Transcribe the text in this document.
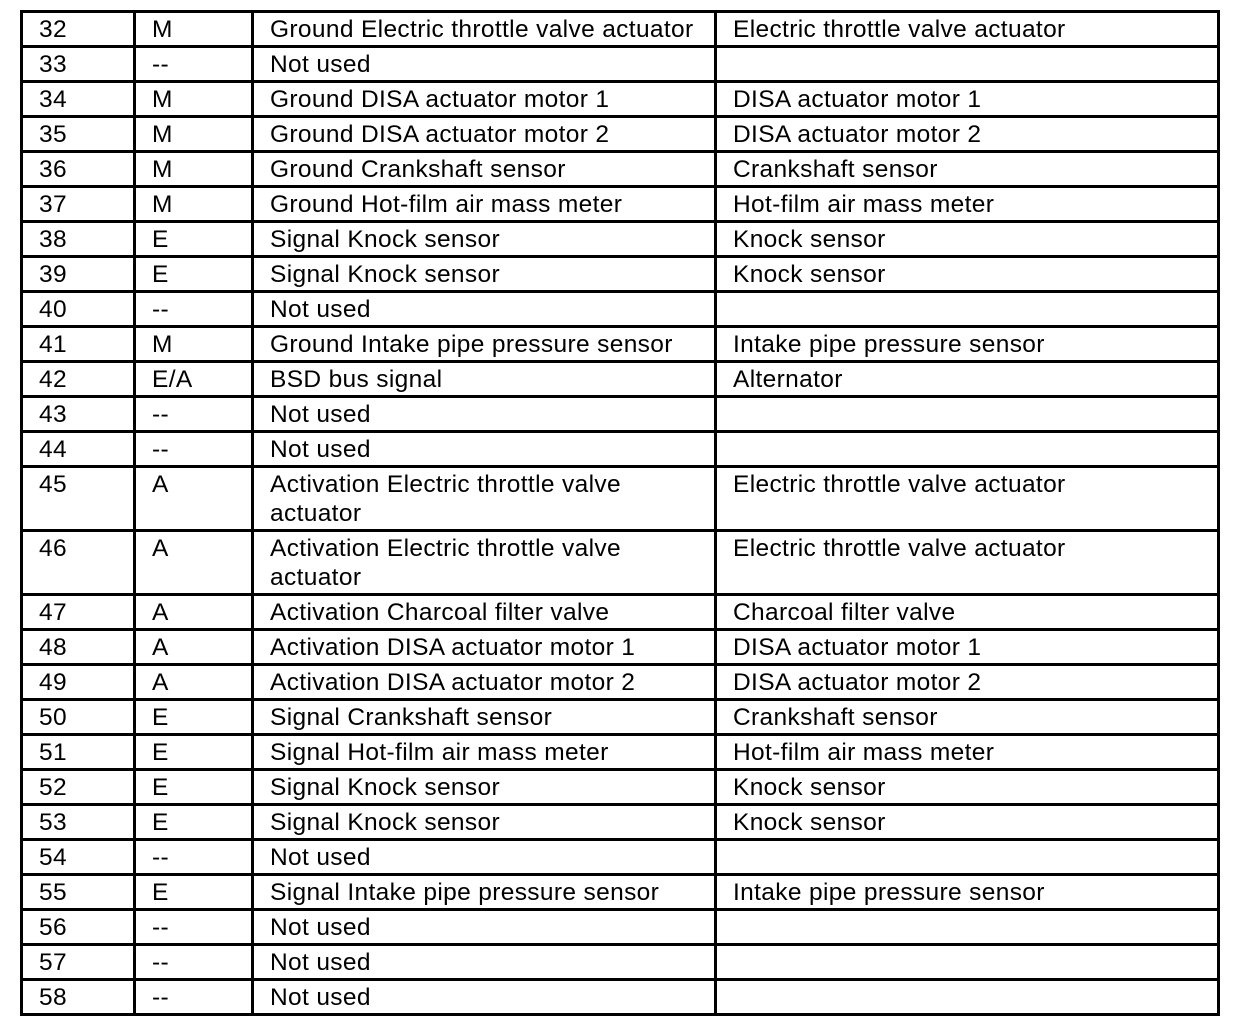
32	M	Ground Electric throttle valve actuator	Electric throttle valve actuator
33	--	Not used	
34	M	Ground DISA actuator motor 1	DISA actuator motor 1
35	M	Ground DISA actuator motor 2	DISA actuator motor 2
36	M	Ground Crankshaft sensor	Crankshaft sensor
37	M	Ground Hot-film air mass meter	Hot-film air mass meter
38	E	Signal Knock sensor	Knock sensor
39	E	Signal Knock sensor	Knock sensor
40	--	Not used	
41	M	Ground Intake pipe pressure sensor	Intake pipe pressure sensor
42	E/A	BSD bus signal	Alternator
43	--	Not used	
44	--	Not used	
45	A	Activation Electric throttle valve actuator	Electric throttle valve actuator
46	A	Activation Electric throttle valve actuator	Electric throttle valve actuator
47	A	Activation Charcoal filter valve	Charcoal filter valve
48	A	Activation DISA actuator motor 1	DISA actuator motor 1
49	A	Activation DISA actuator motor 2	DISA actuator motor 2
50	E	Signal Crankshaft sensor	Crankshaft sensor
51	E	Signal Hot-film air mass meter	Hot-film air mass meter
52	E	Signal Knock sensor	Knock sensor
53	E	Signal Knock sensor	Knock sensor
54	--	Not used	
55	E	Signal Intake pipe pressure sensor	Intake pipe pressure sensor
56	--	Not used	
57	--	Not used	
58	--	Not used	
